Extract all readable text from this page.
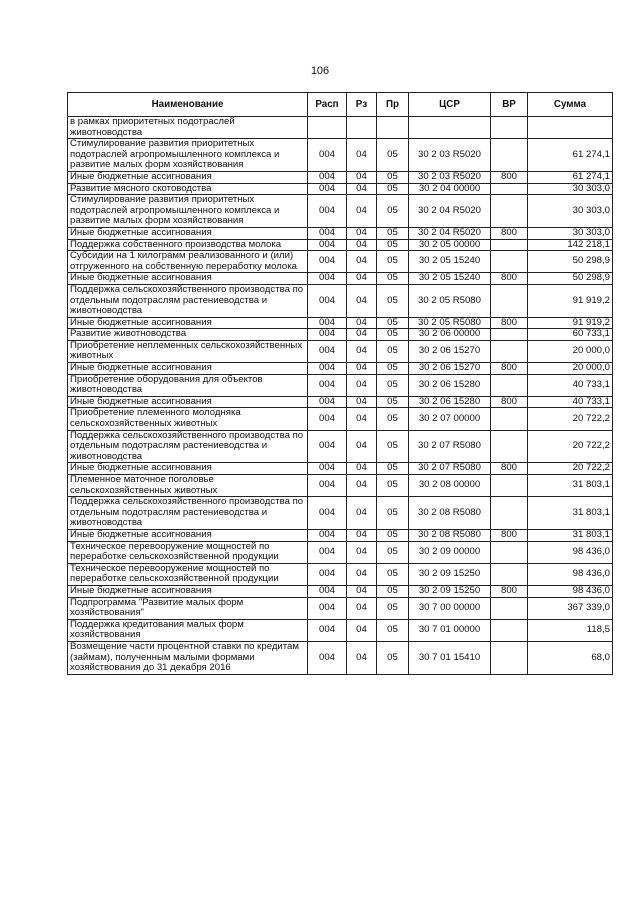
106
Наименование	Расп	Рз	Пр	ЦСР	ВР	Сумма
в рамках приоритетных подотраслей животноводства						
Стимулирование развития приоритетных подотраслей агропромышленного комплекса и развитие малых форм хозяйствования	004	04	05	30 2 03 R5020		61 274,1
Иные бюджетные ассигнования	004	04	05	30 2 03 R5020	800	61 274,1
Развитие мясного скотоводства	004	04	05	30 2 04 00000		30 303,0
Стимулирование развития приоритетных подотраслей агропромышленного комплекса и развитие малых форм хозяйствования	004	04	05	30 2 04 R5020		30 303,0
Иные бюджетные ассигнования	004	04	05	30 2 04 R5020	800	30 303,0
Поддержка собственного производства молока	004	04	05	30 2 05 00000		142 218,1
Субсидии на 1 килограмм реализованного и (или) отгруженного на собственную переработку молока	004	04	05	30 2 05 15240		50 298,9
Иные бюджетные ассигнования	004	04	05	30 2 05 15240	800	50 298,9
Поддержка сельскохозяйственного производства по отдельным подотраслям растениеводства и животноводства	004	04	05	30 2 05 R5080		91 919,2
Иные бюджетные ассигнования	004	04	05	30 2 05 R5080	800	91 919,2
Развитие животноводства	004	04	05	30 2 06 00000		60 733,1
Приобретение неплеменных сельскохозяйственных животных	004	04	05	30 2 06 15270		20 000,0
Иные бюджетные ассигнования	004	04	05	30 2 06 15270	800	20 000,0
Приобретение оборудования для объектов животноводства	004	04	05	30 2 06 15280		40 733,1
Иные бюджетные ассигнования	004	04	05	30 2 06 15280	800	40 733,1
Приобретение племенного молодняка сельскохозяйственных животных	004	04	05	30 2 07 00000		20 722,2
Поддержка сельскохозяйственного производства по отдельным подотраслям растениеводства и животноводства	004	04	05	30 2 07 R5080		20 722,2
Иные бюджетные ассигнования	004	04	05	30 2 07 R5080	800	20 722,2
Племенное маточное поголовье сельскохозяйственных животных	004	04	05	30 2 08 00000		31 803,1
Поддержка сельскохозяйственного производства по отдельным подотраслям растениеводства и животноводства	004	04	05	30 2 08 R5080		31 803,1
Иные бюджетные ассигнования	004	04	05	30 2 08 R5080	800	31 803,1
Техническое перевооружение мощностей по переработке сельскохозяйственной продукции	004	04	05	30 2 09 00000		98 436,0
Техническое перевооружение мощностей по переработке сельскохозяйственной продукции	004	04	05	30 2 09 15250		98 436,0
Иные бюджетные ассигнования	004	04	05	30 2 09 15250	800	98 436,0
Подпрограмма "Развитие малых форм хозяйствования"	004	04	05	30 7 00 00000		367 339,0
Поддержка кредитования малых форм хозяйствования	004	04	05	30 7 01 00000		118,5
Возмещение части процентной ставки по кредитам (займам), полученным малыми формами хозяйствования до 31 декабря 2016	004	04	05	30 7 01 15410		68,0
